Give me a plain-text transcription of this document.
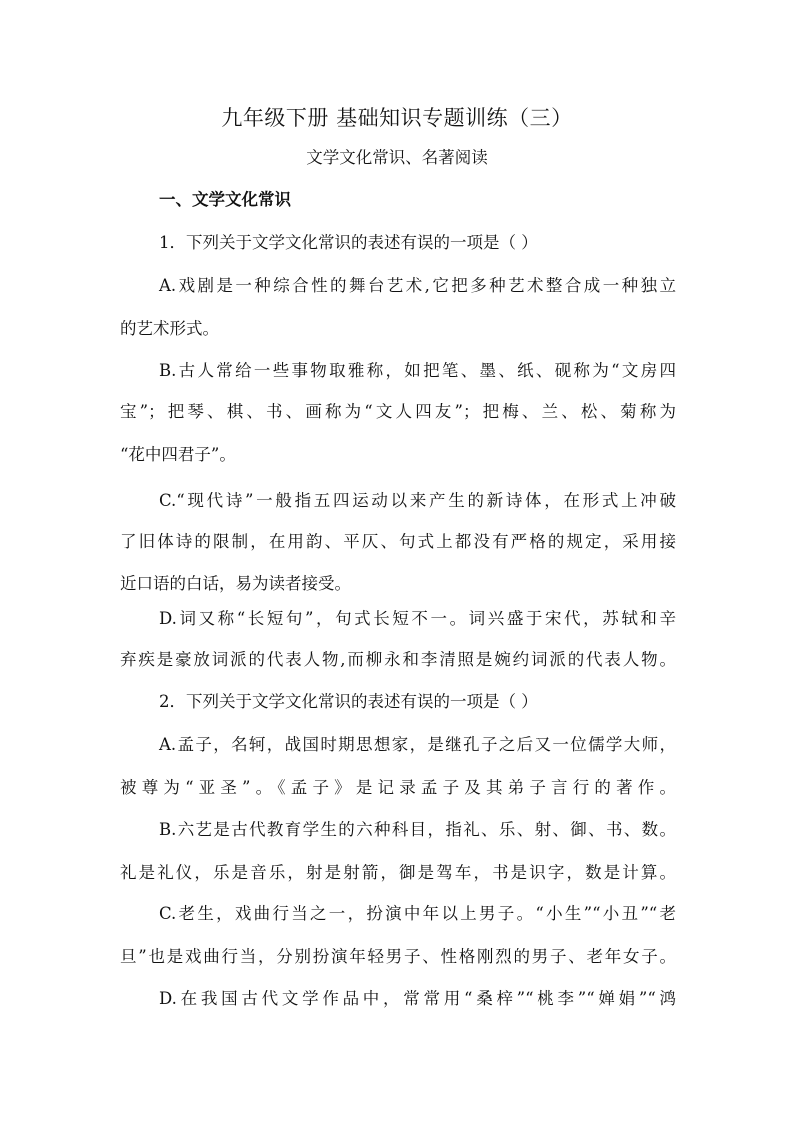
九年级下册 基础知识专题训练（三）
文学文化常识、名著阅读
一、文学文化常识
1．下列关于文学文化常识的表述有误的一项是（ ）
A.戏剧是一种综合性的舞台艺术,它把多种艺术整合成一种独立
的艺术形式。
B.古人常给一些事物取雅称，如把笔、墨、纸、砚称为“文房四
宝”；把琴、棋、书、画称为“文人四友”；把梅、兰、松、菊称为
“花中四君子”。
C.“现代诗”一般指五四运动以来产生的新诗体，在形式上冲破
了旧体诗的限制，在用韵、平仄、句式上都没有严格的规定，采用接
近口语的白话，易为读者接受。
D.词又称“长短句”，句式长短不一。词兴盛于宋代，苏轼和辛
弃疾是豪放词派的代表人物,而柳永和李清照是婉约词派的代表人物。
2．下列关于文学文化常识的表述有误的一项是（ ）
A.孟子，名轲，战国时期思想家，是继孔子之后又一位儒学大师，
被尊为“亚圣”。《孟子》是记录孟子及其弟子言行的著作。
B.六艺是古代教育学生的六种科目，指礼、乐、射、御、书、数。
礼是礼仪，乐是音乐，射是射箭，御是驾车，书是识字，数是计算。
C.老生，戏曲行当之一，扮演中年以上男子。“小生”“小丑”“老
旦”也是戏曲行当，分别扮演年轻男子、性格刚烈的男子、老年女子。
D.在我国古代文学作品中，常常用“桑梓”“桃李”“婵娟”“鸿
